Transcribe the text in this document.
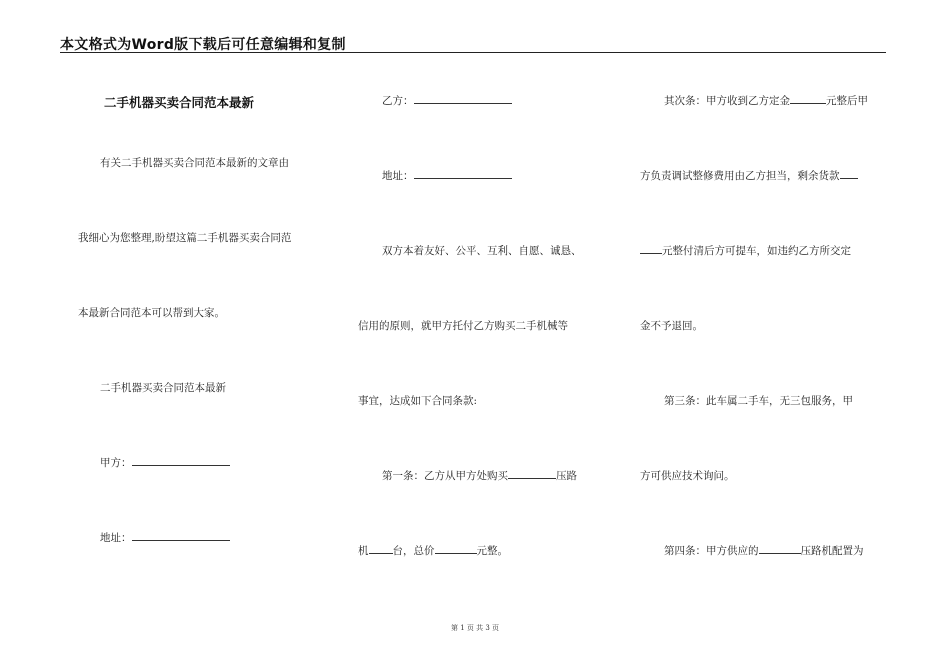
本文格式为Word版下载后可任意编辑和复制
二手机器买卖合同范本最新
有关二手机器买卖合同范本最新的文章由
我细心为您整理,盼望这篇二手机器买卖合同范
本最新合同范本可以帮到大家。
二手机器买卖合同范本最新
甲方：
地址：
乙方：
地址：
双方本着友好、公平、互利、自愿、诚恳、
信用的原则，就甲方托付乙方购买二手机械等
事宜，达成如下合同条款:
第一条：乙方从甲方处购买	压路
机 台，总价	元整。
其次条：甲方收到乙方定金	元整后甲
方负责调试整修费用由乙方担当，剩余货款
元整付清后方可提车，如违约乙方所交定
金不予退回。
第三条：此车属二手车，无三包服务，甲
方可供应技术询问。
第四条：甲方供应的	压路机配置为
第 1 页 共 3 页
